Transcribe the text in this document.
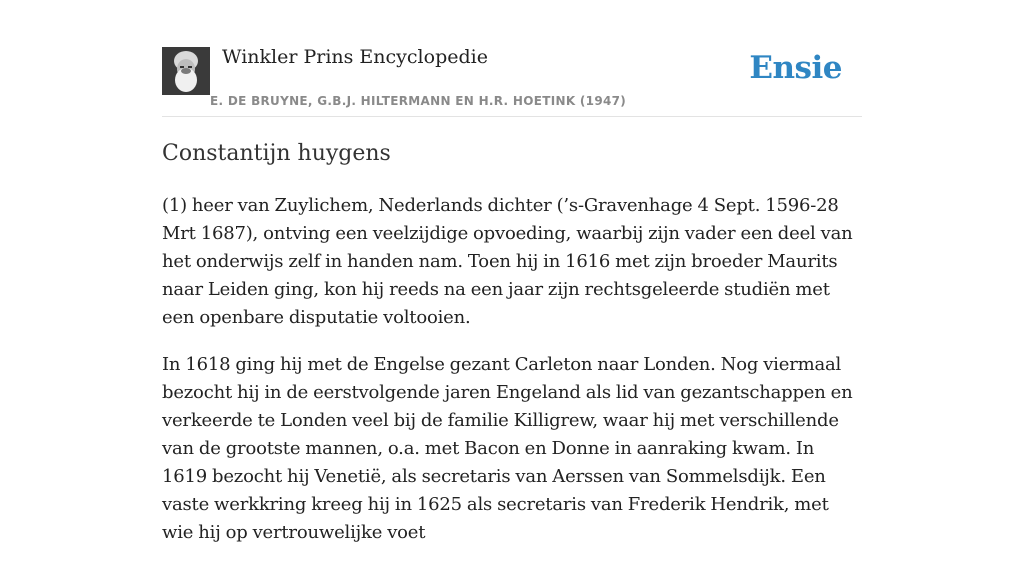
Winkler Prins Encyclopedie
E. DE BRUYNE, G.B.J. HILTERMANN EN H.R. HOETINK (1947)
Ensie
Constantijn huygens

(1) heer van Zuylichem, Nederlands dichter (’s-Gravenhage 4 Sept. 1596-28 Mrt 1687), ontving een veelzijdige opvoeding, waarbij zijn vader een deel van het onderwijs zelf in handen nam. Toen hij in 1616 met zijn broeder Maurits naar Leiden ging, kon hij reeds na een jaar zijn rechtsgeleerde studiën met een openbare disputatie voltooien.

In 1618 ging hij met de Engelse gezant Carleton naar Londen. Nog viermaal bezocht hij in de eerstvolgende jaren Engeland als lid van gezantschappen en verkeerde te Londen veel bij de familie Killigrew, waar hij met verschillende van de grootste mannen, o.a. met Bacon en Donne in aanraking kwam. In 1619 bezocht hij Venetië, als secretaris van Aerssen van Sommelsdijk. Een vaste werkkring kreeg hij in 1625 als secretaris van Frederik Hendrik, met wie hij op vertrouwelijke voet
